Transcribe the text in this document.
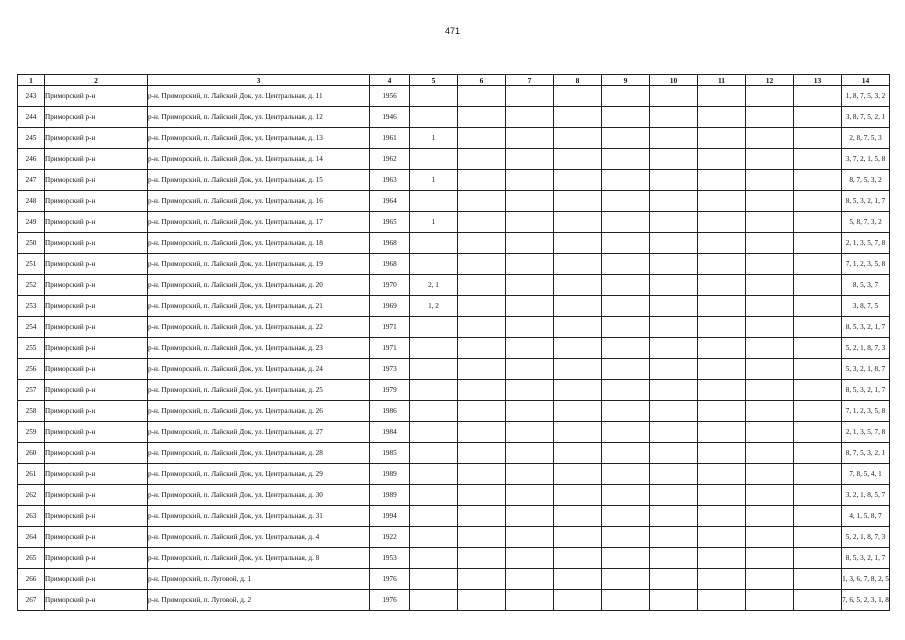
471
1	2	3	4	5	6	7	8	9	10	11	12	13	14
243	Приморский р-н	р-н. Приморский, п. Лайский Док, ул. Центральная, д. 11	1956										1, 8, 7, 5, 3, 2
244	Приморский р-н	р-н. Приморский, п. Лайский Док, ул. Центральная, д. 12	1946										3, 8, 7, 5, 2, 1
245	Приморский р-н	р-н. Приморский, п. Лайский Док, ул. Центральная, д. 13	1961	1									2, 8, 7, 5, 3
246	Приморский р-н	р-н. Приморский, п. Лайский Док, ул. Центральная, д. 14	1962										3, 7, 2, 1, 5, 8
247	Приморский р-н	р-н. Приморский, п. Лайский Док, ул. Центральная, д. 15	1963	1									8, 7, 5, 3, 2
248	Приморский р-н	р-н. Приморский, п. Лайский Док, ул. Центральная, д. 16	1964										8, 5, 3, 2, 1, 7
249	Приморский р-н	р-н. Приморский, п. Лайский Док, ул. Центральная, д. 17	1965	1									5, 8, 7, 3, 2
250	Приморский р-н	р-н. Приморский, п. Лайский Док, ул. Центральная, д. 18	1968										2, 1, 3, 5, 7, 8
251	Приморский р-н	р-н. Приморский, п. Лайский Док, ул. Центральная, д. 19	1968										7, 1, 2, 3, 5, 8
252	Приморский р-н	р-н. Приморский, п. Лайский Док, ул. Центральная, д. 20	1970	2, 1									8, 5, 3, 7
253	Приморский р-н	р-н. Приморский, п. Лайский Док, ул. Центральная, д. 21	1969	1, 2									3, 8, 7, 5
254	Приморский р-н	р-н. Приморский, п. Лайский Док, ул. Центральная, д. 22	1971										8, 5, 3, 2, 1, 7
255	Приморский р-н	р-н. Приморский, п. Лайский Док, ул. Центральная, д. 23	1971										5, 2, 1, 8, 7, 3
256	Приморский р-н	р-н. Приморский, п. Лайский Док, ул. Центральная, д. 24	1973										5, 3, 2, 1, 8, 7
257	Приморский р-н	р-н. Приморский, п. Лайский Док, ул. Центральная, д. 25	1979										8, 5, 3, 2, 1, 7
258	Приморский р-н	р-н. Приморский, п. Лайский Док, ул. Центральная, д. 26	1986										7, 1, 2, 3, 5, 8
259	Приморский р-н	р-н. Приморский, п. Лайский Док, ул. Центральная, д. 27	1984										2, 1, 3, 5, 7, 8
260	Приморский р-н	р-н. Приморский, п. Лайский Док, ул. Центральная, д. 28	1985										8, 7, 5, 3, 2, 1
261	Приморский р-н	р-н. Приморский, п. Лайский Док, ул. Центральная, д. 29	1989										7, 8, 5, 4, 1
262	Приморский р-н	р-н. Приморский, п. Лайский Док, ул. Центральная, д. 30	1989										3, 2, 1, 8, 5, 7
263	Приморский р-н	р-н. Приморский, п. Лайский Док, ул. Центральная, д. 31	1994										4, 1, 5, 8, 7
264	Приморский р-н	р-н. Приморский, п. Лайский Док, ул. Центральная, д. 4	1922										5, 2, 1, 8, 7, 3
265	Приморский р-н	р-н. Приморский, п. Лайский Док, ул. Центральная, д. 8	1953										8, 5, 3, 2, 1, 7
266	Приморский р-н	р-н. Приморский, п. Луговой, д. 1	1976										1, 3, 6, 7, 8, 2, 5
267	Приморский р-н	р-н. Приморский, п. Луговой, д. 2	1976										7, 6, 5, 2, 3, 1, 8
